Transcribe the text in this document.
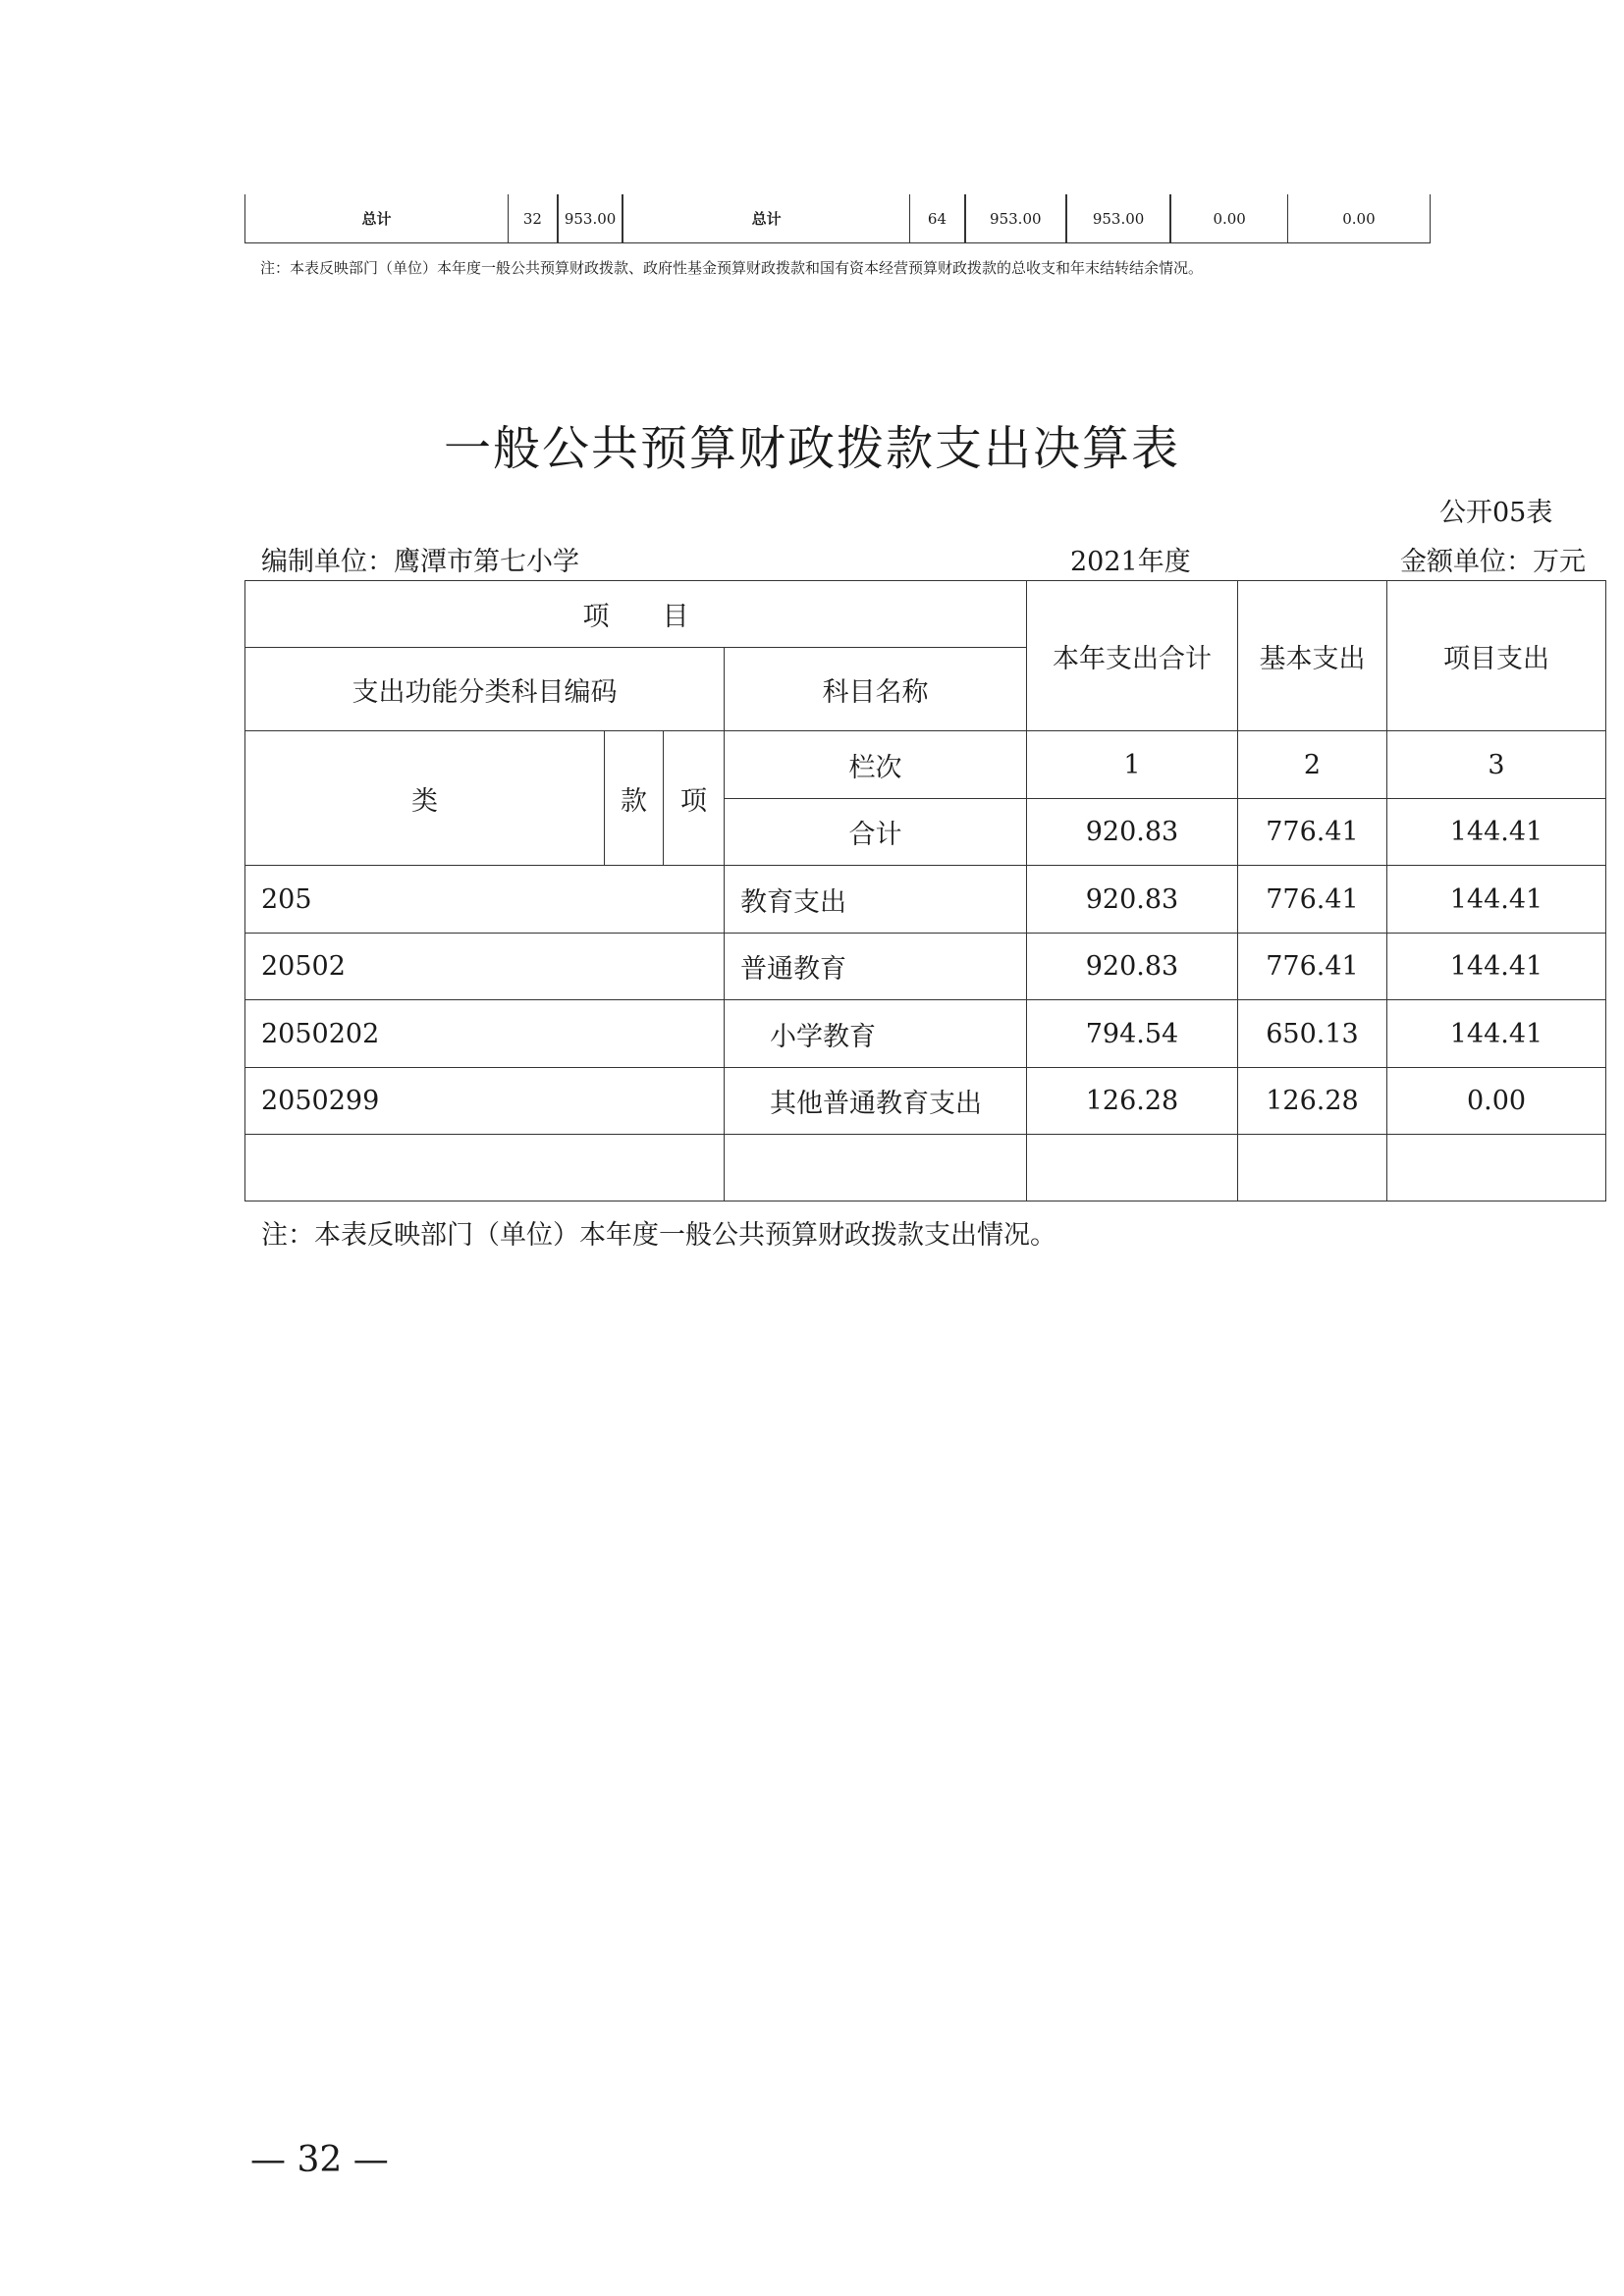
总计	32	953.00	总计	64	953.00	953.00	0.00	0.00
注：本表反映部门（单位）本年度一般公共预算财政拨款、政府性基金预算财政拨款和国有资本经营预算财政拨款的总收支和年末结转结余情况。
一般公共预算财政拨款支出决算表
公开05表
编制单位：鹰潭市第七小学	2021年度	金额单位：万元
项　　目				本年支出合计	基本支出	项目支出
支出功能分类科目编码			科目名称			
类	款	项	栏次	1	2	3
			合计	920.83	776.41	144.41
205			教育支出	920.83	776.41	144.41
20502			普通教育	920.83	776.41	144.41
2050202			小学教育	794.54	650.13	144.41
2050299			其他普通教育支出	126.28	126.28	0.00

注：本表反映部门（单位）本年度一般公共预算财政拨款支出情况。
— 32 —
